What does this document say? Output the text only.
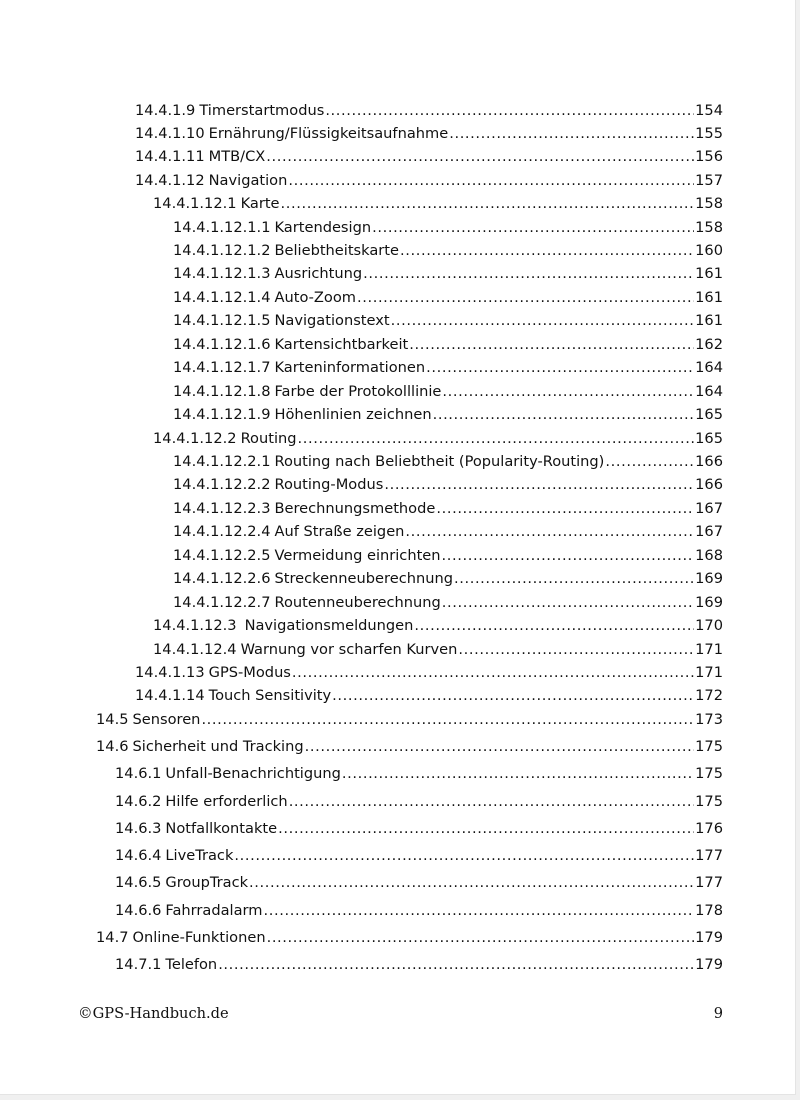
14.4.1.9 Timerstartmodus .....	154
14.4.1.10 Ernährung/Flüssigkeitsaufnahme .....	155
14.4.1.11 MTB/CX .....	156
14.4.1.12 Navigation .....	157
14.4.1.12.1 Karte .....	158
14.4.1.12.1.1 Kartendesign .....	158
14.4.1.12.1.2 Beliebtheitskarte .....	160
14.4.1.12.1.3 Ausrichtung .....	161
14.4.1.12.1.4 Auto-Zoom .....	161
14.4.1.12.1.5 Navigationstext .....	161
14.4.1.12.1.6 Kartensichtbarkeit .....	162
14.4.1.12.1.7 Karteninformationen .....	164
14.4.1.12.1.8 Farbe der Protokolllinie .....	164
14.4.1.12.1.9 Höhenlinien zeichnen .....	165
14.4.1.12.2 Routing .....	165
14.4.1.12.2.1 Routing nach Beliebtheit (Popularity-Routing) .....	166
14.4.1.12.2.2 Routing-Modus .....	166
14.4.1.12.2.3 Berechnungsmethode .....	167
14.4.1.12.2.4 Auf Straße zeigen .....	167
14.4.1.12.2.5 Vermeidung einrichten .....	168
14.4.1.12.2.6 Streckenneuberechnung .....	169
14.4.1.12.2.7 Routenneuberechnung .....	169
14.4.1.12.3 Navigationsmeldungen .....	170
14.4.1.12.4 Warnung vor scharfen Kurven .....	171
14.4.1.13 GPS-Modus .....	171
14.4.1.14 Touch Sensitivity .....	172
14.5 Sensoren .....	173
14.6 Sicherheit und Tracking .....	175
14.6.1 Unfall-Benachrichtigung .....	175
14.6.2 Hilfe erforderlich .....	175
14.6.3 Notfallkontakte .....	176
14.6.4 LiveTrack .....	177
14.6.5 GroupTrack .....	177
14.6.6 Fahrradalarm .....	178
14.7 Online-Funktionen .....	179
14.7.1 Telefon .....	179
©GPS-Handbuch.de	9
